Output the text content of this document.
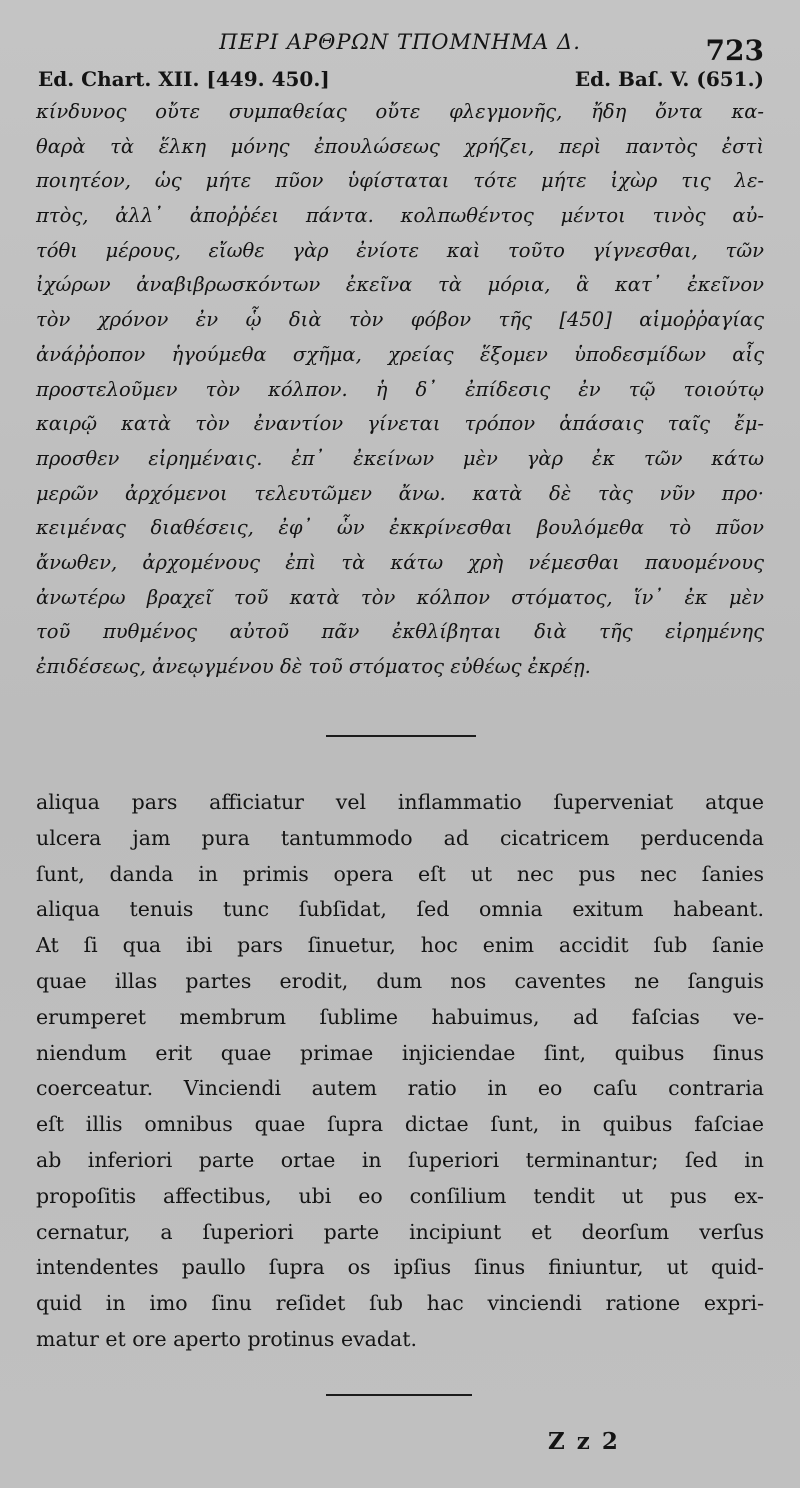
ΠΕΡΙ ΑΡΘΡΩΝ ΤΠΟΜΝΗΜΑ Δ.	723
Ed. Chart. XII. [449. 450.]	Ed. Baſ. V. (651.)
κίνδυνος οὔτε συμπαθείας οὔτε φλεγμονῆς, ἤδη ὄντα κα-
θαρὰ τὰ ἕλκη μόνης ἐπουλώσεως χρήζει, περὶ παντὸς ἐστὶ
ποιητέον, ὡς μήτε πῦον ὑφίσταται τότε μήτε ἰχὼρ τις λε-
πτὸς, ἀλλ᾽ ἀποῤῥέει πάντα. κολπωθέντος μέντοι τινὸς αὐ-
τόθι μέρους, εἴωθε γὰρ ἐνίοτε καὶ τοῦτο γίγνεσθαι, τῶν
ἰχώρων ἀναβιβρωσκόντων ἐκεῖνα τὰ μόρια, ἃ κατ᾽ ἐκεῖνον
τὸν χρόνον ἐν ᾧ διὰ τὸν φόβον τῆς [450] αἱμοῤῥαγίας
ἀνάῤῥοπον ἡγούμεθα σχῆμα, χρείας ἕξομεν ὑποδεσμίδων αἷς
προστελοῦμεν τὸν κόλπον. ἡ δ᾽ ἐπίδεσις ἐν τῷ τοιούτῳ
καιρῷ κατὰ τὸν ἐναντίον γίνεται τρόπον ἁπάσαις ταῖς ἔμ-
προσθεν εἰρημέναις. ἐπ᾽ ἐκείνων μὲν γὰρ ἐκ τῶν κάτω
μερῶν ἀρχόμενοι τελευτῶμεν ἄνω. κατὰ δὲ τὰς νῦν προ·
κειμένας διαθέσεις, ἐφ᾽ ὧν ἐκκρίνεσθαι βουλόμεθα τὸ πῦον
ἄνωθεν, ἀρχομένους ἐπὶ τὰ κάτω χρὴ νέμεσθαι παυομένους
ἀνωτέρω βραχεῖ τοῦ κατὰ τὸν κόλπον στόματος, ἵν᾽ ἐκ μὲν
τοῦ πυθμένος αὐτοῦ πᾶν ἐκθλίβηται διὰ τῆς εἰρημένης
ἐπιδέσεως, ἀνεῳγμένου δὲ τοῦ στόματος εὐθέως ἐκρέῃ.
aliqua pars afficiatur vel inflammatio ſuperveniat atque
ulcera jam pura tantummodo ad cicatricem perducenda
ſunt, danda in primis opera eſt ut nec pus nec ſanies
aliqua tenuis tunc ſubſidat, ſed omnia exitum habeant.
At ſi qua ibi pars ſinuetur, hoc enim accidit ſub ſanie
quae illas partes erodit, dum nos caventes ne ſanguis
erumperet membrum ſublime habuimus, ad faſcias ve-
niendum erit quae primae injiciendae ſint, quibus ſinus
coerceatur. Vinciendi autem ratio in eo caſu contraria
eſt illis omnibus quae ſupra dictae ſunt, in quibus faſciae
ab inferiori parte ortae in ſuperiori terminantur; ſed in
propoſitis affectibus, ubi eo conſilium tendit ut pus ex-
cernatur, a ſuperiori parte incipiunt et deorſum verſus
intendentes paullo ſupra os ipſius ſinus finiuntur, ut quid-
quid in imo ſinu reſidet ſub hac vinciendi ratione expri-
matur et ore aperto protinus evadat.
Z z 2
